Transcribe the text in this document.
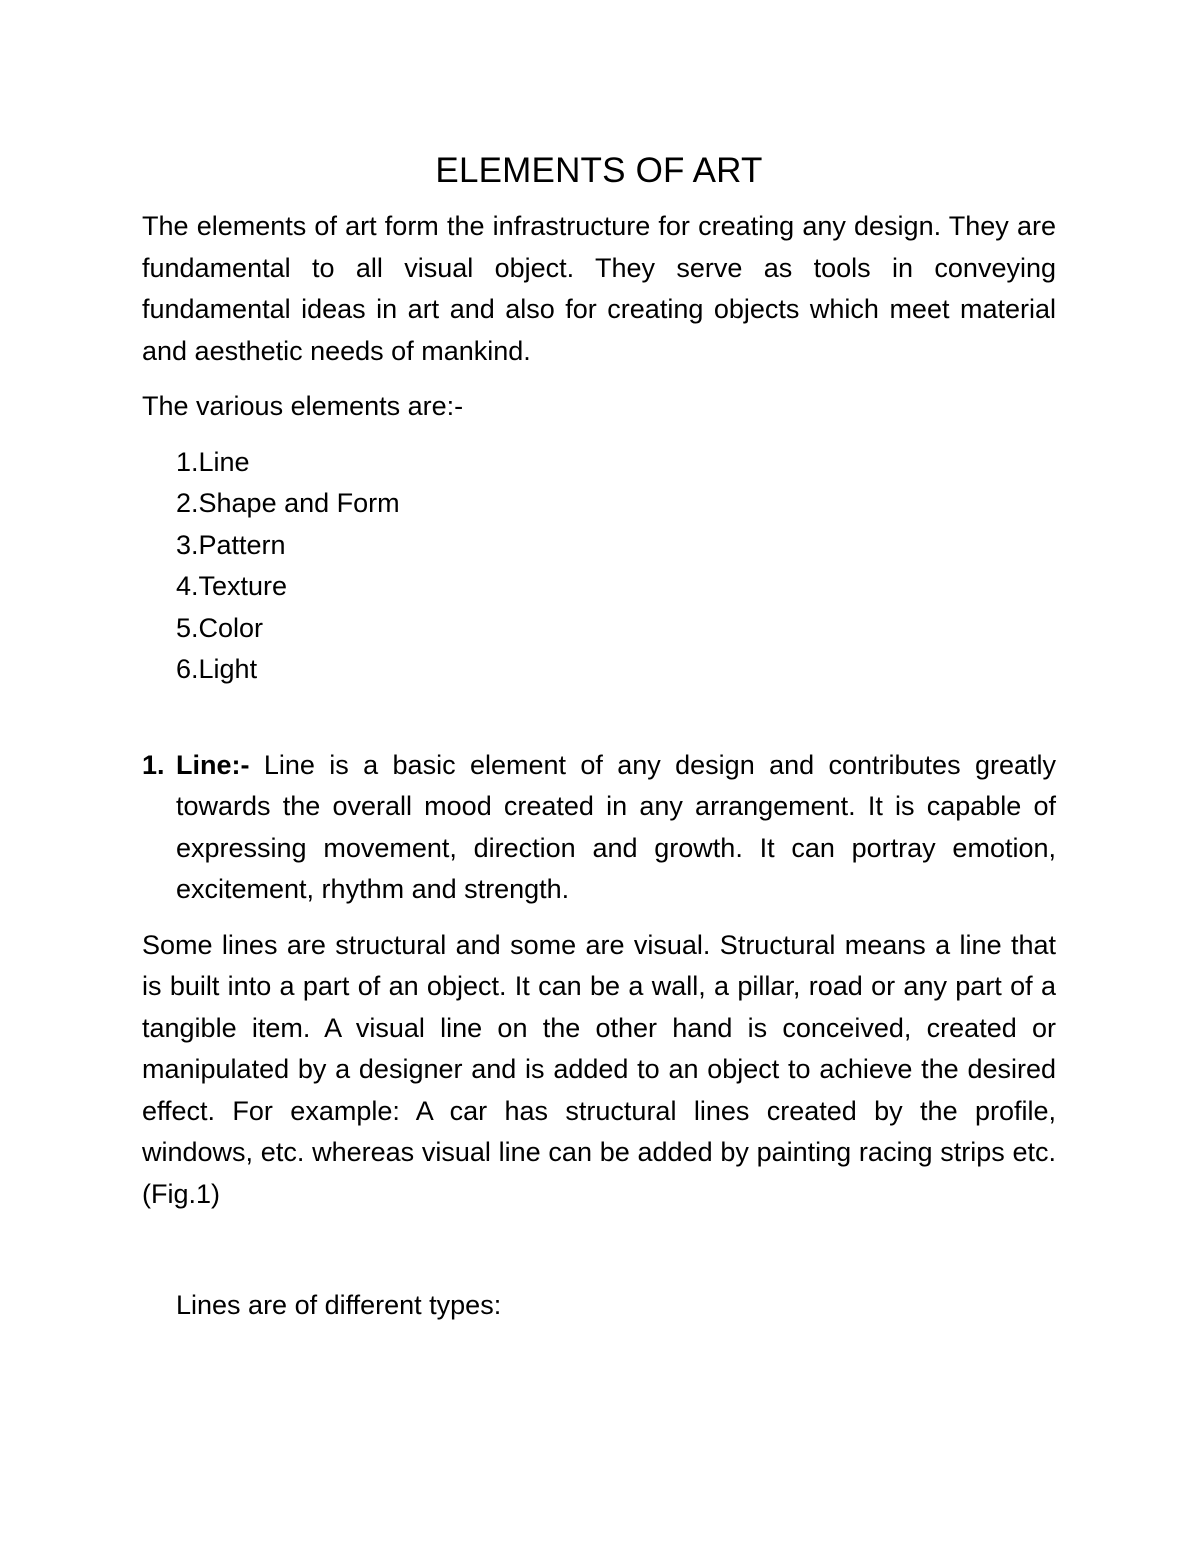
ELEMENTS OF ART

The elements of art form the infrastructure for creating any design. They are fundamental to all visual object. They serve as tools in conveying fundamental ideas in art and also for creating objects which meet material and aesthetic needs of mankind.

The various elements are:-

1.Line
2.Shape and Form
3.Pattern
4.Texture
5.Color
6.Light
1. Line:- Line is a basic element of any design and contributes greatly towards the overall mood created in any arrangement. It is capable of expressing movement, direction and growth. It can portray emotion, excitement, rhythm and strength.

Some lines are structural and some are visual. Structural means a line that is built into a part of an object. It can be a wall, a pillar, road or any part of a tangible item. A visual line on the other hand is conceived, created or manipulated by a designer and is added to an object to achieve the desired effect. For example: A car has structural lines created by the profile, windows, etc. whereas visual line can be added by painting racing strips etc. (Fig.1)

Lines are of different types:
